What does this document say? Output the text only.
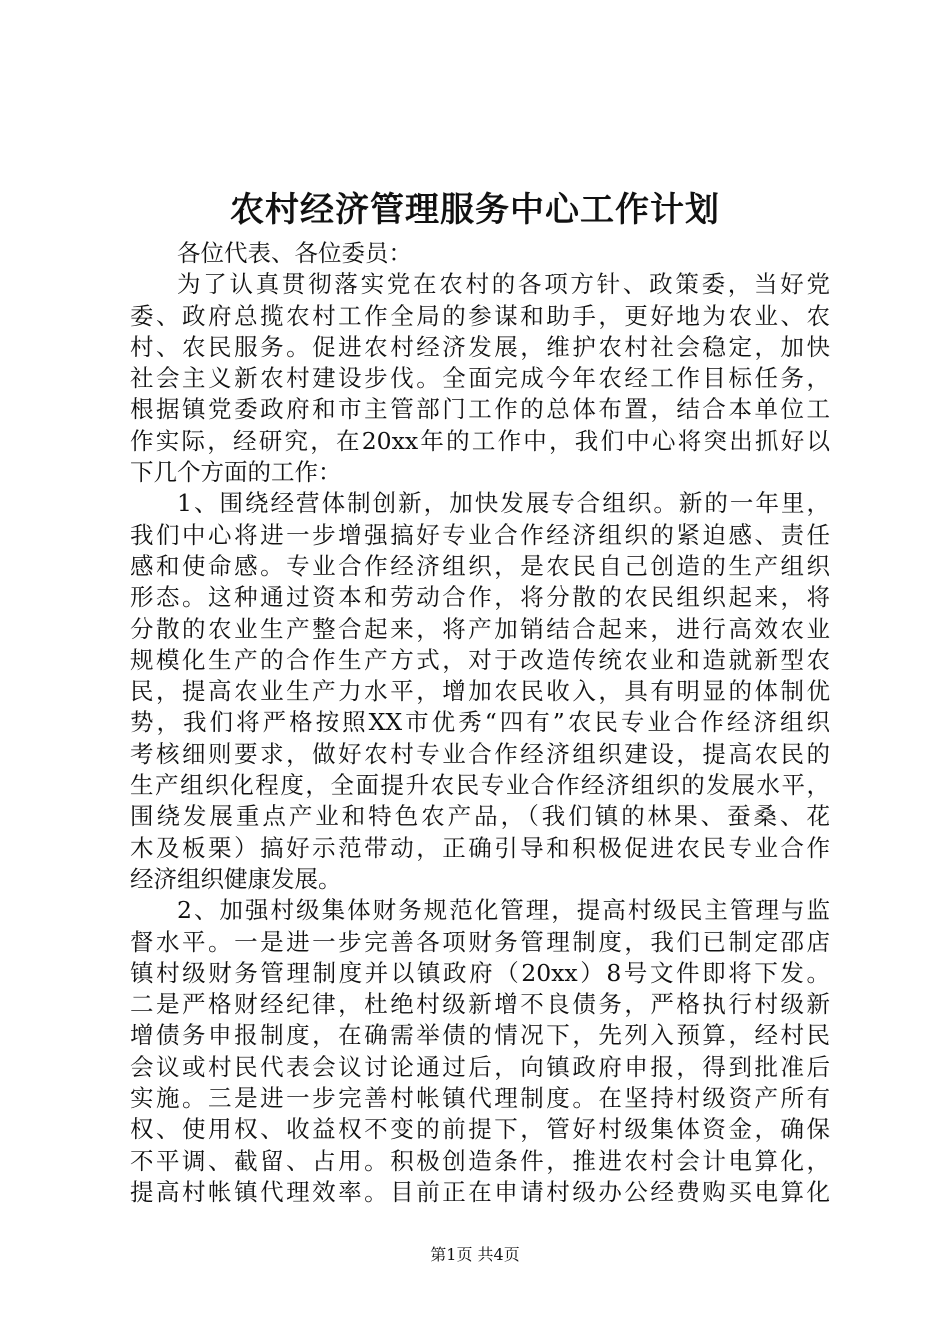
农村经济管理服务中心工作计划
各位代表、各位委员：
为了认真贯彻落实党在农村的各项方针、政策委，当好党
委、政府总揽农村工作全局的参谋和助手，更好地为农业、农
村、农民服务。促进农村经济发展，维护农村社会稳定，加快
社会主义新农村建设步伐。全面完成今年农经工作目标任务，
根据镇党委政府和市主管部门工作的总体布置，结合本单位工
作实际，经研究，在20xx年的工作中，我们中心将突出抓好以
下几个方面的工作：
1、围绕经营体制创新，加快发展专合组织。新的一年里，
我们中心将进一步增强搞好专业合作经济组织的紧迫感、责任
感和使命感。专业合作经济组织，是农民自己创造的生产组织
形态。这种通过资本和劳动合作，将分散的农民组织起来，将
分散的农业生产整合起来，将产加销结合起来，进行高效农业
规模化生产的合作生产方式，对于改造传统农业和造就新型农
民，提高农业生产力水平，增加农民收入，具有明显的体制优
势，我们将严格按照XX市优秀“四有”农民专业合作经济组织
考核细则要求，做好农村专业合作经济组织建设，提高农民的
生产组织化程度，全面提升农民专业合作经济组织的发展水平，
围绕发展重点产业和特色农产品，（我们镇的林果、蚕桑、花
木及板栗）搞好示范带动，正确引导和积极促进农民专业合作
经济组织健康发展。
2、加强村级集体财务规范化管理，提高村级民主管理与监
督水平。一是进一步完善各项财务管理制度，我们已制定邵店
镇村级财务管理制度并以镇政府（20xx）8号文件即将下发。
二是严格财经纪律，杜绝村级新增不良债务，严格执行村级新
增债务申报制度，在确需举债的情况下，先列入预算，经村民
会议或村民代表会议讨论通过后，向镇政府申报，得到批准后
实施。三是进一步完善村帐镇代理制度。在坚持村级资产所有
权、使用权、收益权不变的前提下，管好村级集体资金，确保
不平调、截留、占用。积极创造条件，推进农村会计电算化，
提高村帐镇代理效率。目前正在申请村级办公经费购买电算化
第1页 共4页
